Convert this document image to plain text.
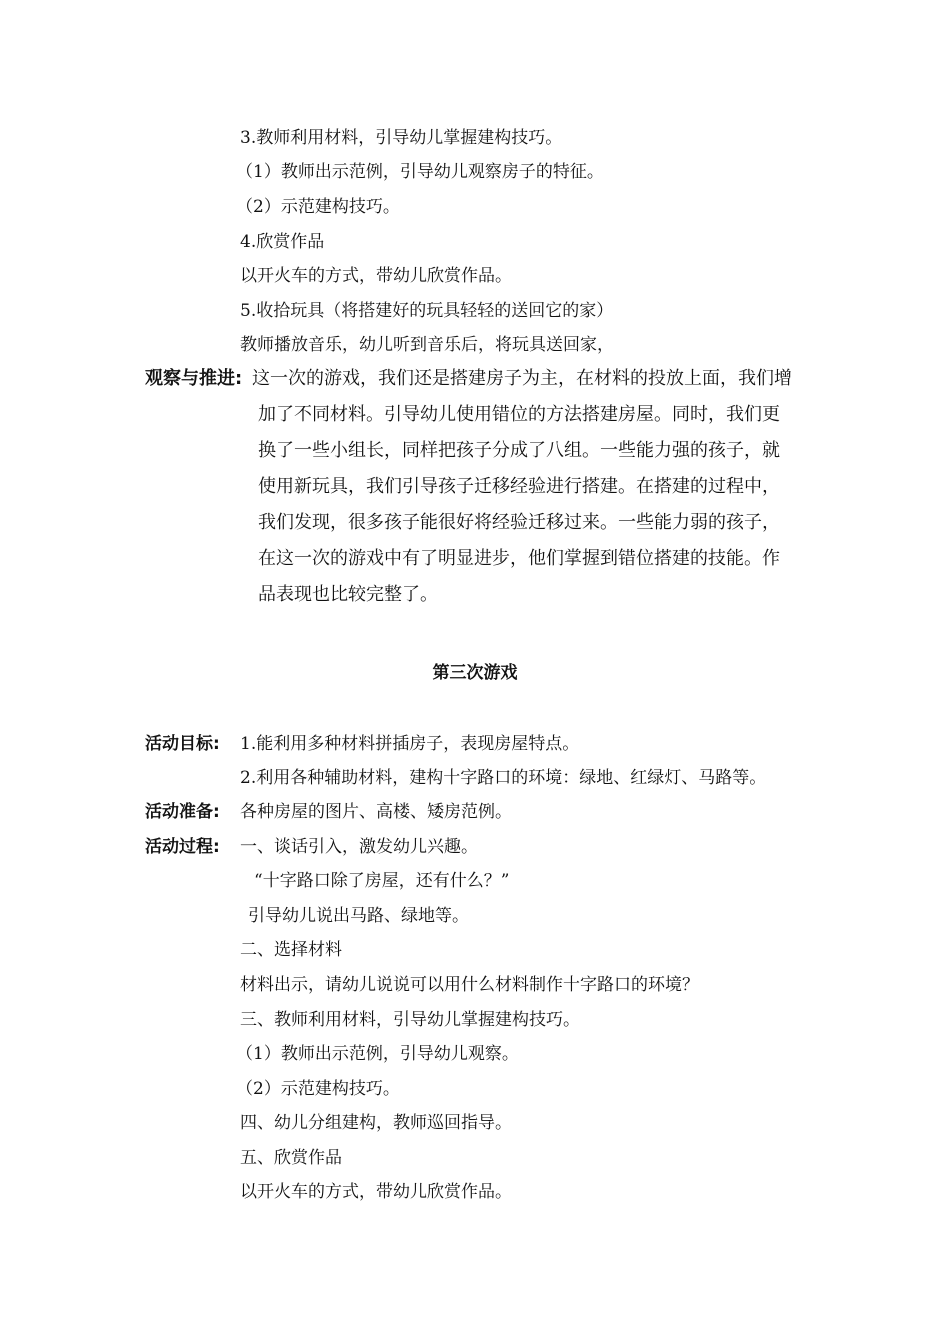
3.教师利用材料，引导幼儿掌握建构技巧。
（1）教师出示范例，引导幼儿观察房子的特征。
（2）示范建构技巧。
4.欣赏作品
以开火车的方式，带幼儿欣赏作品。
5.收拾玩具（将搭建好的玩具轻轻的送回它的家）
教师播放音乐，幼儿听到音乐后，将玩具送回家，
观察与推进: 这一次的游戏，我们还是搭建房子为主，在材料的投放上面，我们增
加了不同材料。引导幼儿使用错位的方法搭建房屋。同时，我们更
换了一些小组长，同样把孩子分成了八组。一些能力强的孩子，就
使用新玩具，我们引导孩子迁移经验进行搭建。在搭建的过程中，
我们发现，很多孩子能很好将经验迁移过来。一些能力弱的孩子，
在这一次的游戏中有了明显进步，他们掌握到错位搭建的技能。作
品表现也比较完整了。
第三次游戏
活动目标: 1.能利用多种材料拼插房子，表现房屋特点。
2.利用各种辅助材料，建构十字路口的环境：绿地、红绿灯、马路等。
活动准备: 各种房屋的图片、高楼、矮房范例。
活动过程: 一、谈话引入，激发幼儿兴趣。
“十字路口除了房屋，还有什么？”
引导幼儿说出马路、绿地等。
二、选择材料
材料出示，请幼儿说说可以用什么材料制作十字路口的环境？
三、教师利用材料，引导幼儿掌握建构技巧。
（1）教师出示范例，引导幼儿观察。
（2）示范建构技巧。
四、幼儿分组建构，教师巡回指导。
五、欣赏作品
以开火车的方式，带幼儿欣赏作品。
